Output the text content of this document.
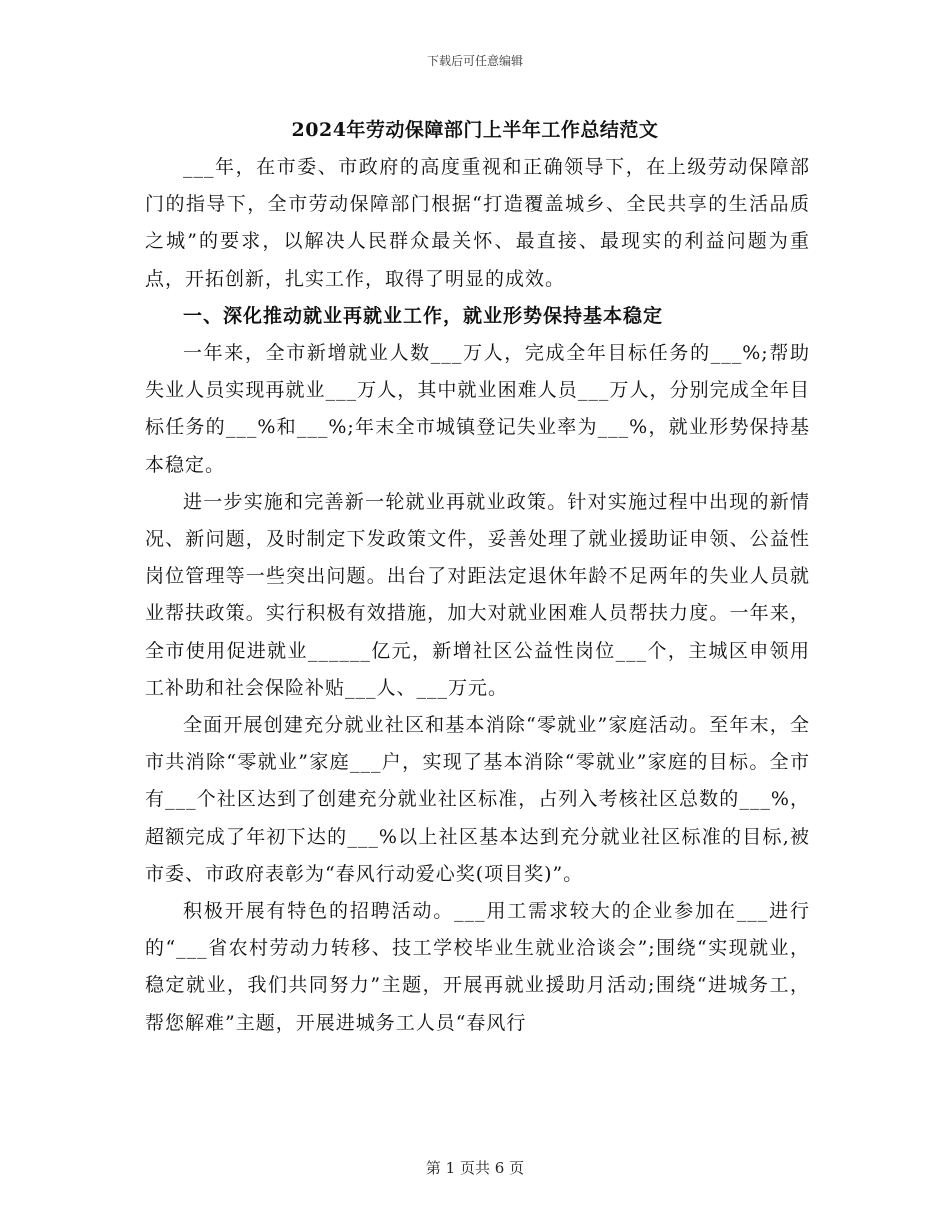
下载后可任意编辑
2024年劳动保障部门上半年工作总结范文

___年，在市委、市政府的高度重视和正确领导下，在上级劳动保障部门的指导下，全市劳动保障部门根据“打造覆盖城乡、全民共享的生活品质之城”的要求，以解决人民群众最关怀、最直接、最现实的利益问题为重点，开拓创新，扎实工作，取得了明显的成效。

一、深化推动就业再就业工作，就业形势保持基本稳定

一年来，全市新增就业人数___万人，完成全年目标任务的___%;帮助失业人员实现再就业___万人，其中就业困难人员___万人，分别完成全年目标任务的___%和___%;年末全市城镇登记失业率为___%，就业形势保持基本稳定。

进一步实施和完善新一轮就业再就业政策。针对实施过程中出现的新情况、新问题，及时制定下发政策文件，妥善处理了就业援助证申领、公益性岗位管理等一些突出问题。出台了对距法定退休年龄不足两年的失业人员就业帮扶政策。实行积极有效措施，加大对就业困难人员帮扶力度。一年来，全市使用促进就业______亿元，新增社区公益性岗位___个，主城区申领用工补助和社会保险补贴___人、___万元。

全面开展创建充分就业社区和基本消除“零就业”家庭活动。至年末，全市共消除“零就业”家庭___户，实现了基本消除“零就业”家庭的目标。全市有___个社区达到了创建充分就业社区标准，占列入考核社区总数的___%，超额完成了年初下达的___%以上社区基本达到充分就业社区标准的目标,被市委、市政府表彰为“春风行动爱心奖(项目奖)”。

积极开展有特色的招聘活动。___用工需求较大的企业参加在___进行的“___省农村劳动力转移、技工学校毕业生就业洽谈会”;围绕“实现就业，稳定就业，我们共同努力”主题，开展再就业援助月活动;围绕“进城务工，帮您解难”主题，开展进城务工人员“春风行

第 1 页共 6 页
